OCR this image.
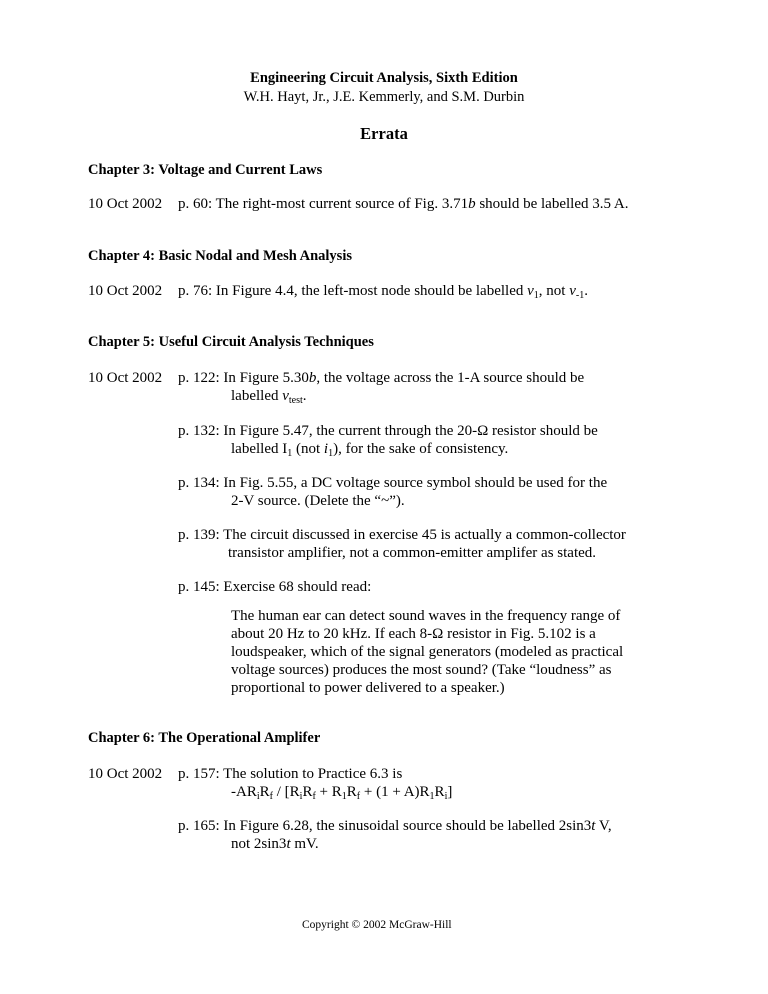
Engineering Circuit Analysis, Sixth Edition
W.H. Hayt, Jr., J.E. Kemmerly, and S.M. Durbin
Errata
Chapter 3: Voltage and Current Laws
10 Oct 2002 p. 60: The right-most current source of Fig. 3.71b should be labelled 3.5 A.
Chapter 4: Basic Nodal and Mesh Analysis
10 Oct 2002 p. 76: In Figure 4.4, the left-most node should be labelled $v_1$, not $v_{-1}$.
Chapter 5: Useful Circuit Analysis Techniques
10 Oct 2002 p. 122: In Figure 5.30b, the voltage across the 1-A source should be
labelled $v_{test}$.
p. 132: In Figure 5.47, the current through the 20-Ω resistor should be
labelled $I_1$ (not $i_1$), for the sake of consistency.
p. 134: In Fig. 5.55, a DC voltage source symbol should be used for the
2-V source. (Delete the “~”).
p. 139: The circuit discussed in exercise 45 is actually a common-collector
transistor amplifier, not a common-emitter amplifer as stated.
p. 145: Exercise 68 should read:
The human ear can detect sound waves in the frequency range of
about 20 Hz to 20 kHz. If each 8-Ω resistor in Fig. 5.102 is a
loudspeaker, which of the signal generators (modeled as practical
voltage sources) produces the most sound? (Take “loudness” as
proportional to power delivered to a speaker.)
Chapter 6: The Operational Amplifer
10 Oct 2002 p. 157: The solution to Practice 6.3 is
$-AR_iR_f / [R_iR_f + R_1R_f + (1 + A)R_1R_i]$
p. 165: In Figure 6.28, the sinusoidal source should be labelled 2sin3t V,
not 2sin3t mV.
Copyright © 2002 McGraw-Hill
